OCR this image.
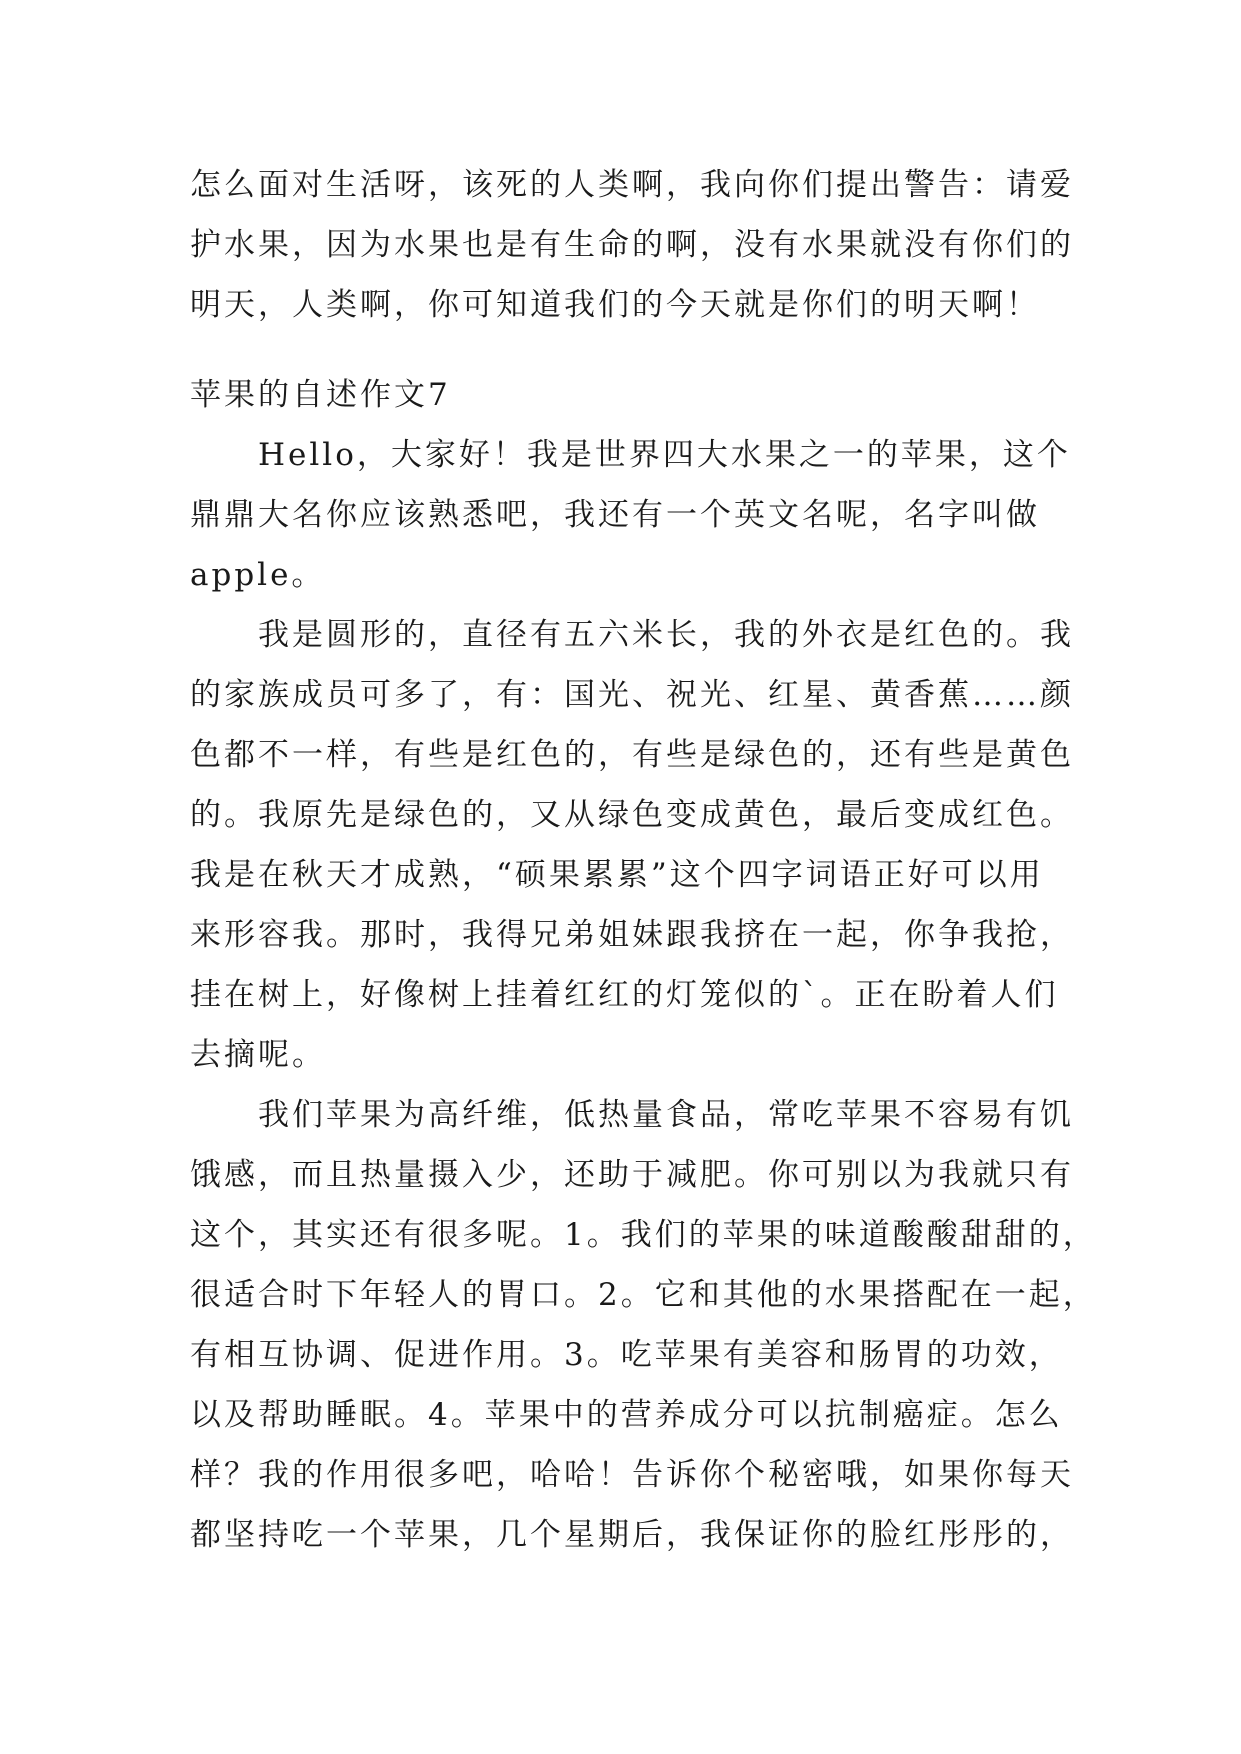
怎么面对生活呀，该死的人类啊，我向你们提出警告：请爱
护水果，因为水果也是有生命的啊，没有水果就没有你们的
明天，人类啊，你可知道我们的今天就是你们的明天啊！
苹果的自述作文7
　　Hello，大家好！我是世界四大水果之一的苹果，这个
鼎鼎大名你应该熟悉吧，我还有一个英文名呢，名字叫做
apple。
　　我是圆形的，直径有五六米长，我的外衣是红色的。我
的家族成员可多了，有：国光、祝光、红星、黄香蕉……颜
色都不一样，有些是红色的，有些是绿色的，还有些是黄色
的。我原先是绿色的，又从绿色变成黄色，最后变成红色。
我是在秋天才成熟，“硕果累累”这个四字词语正好可以用
来形容我。那时，我得兄弟姐妹跟我挤在一起，你争我抢，
挂在树上，好像树上挂着红红的灯笼似的`。正在盼着人们
去摘呢。
　　我们苹果为高纤维，低热量食品，常吃苹果不容易有饥
饿感，而且热量摄入少，还助于减肥。你可别以为我就只有
这个，其实还有很多呢。1。我们的苹果的味道酸酸甜甜的，
很适合时下年轻人的胃口。2。它和其他的水果搭配在一起，
有相互协调、促进作用。3。吃苹果有美容和肠胃的功效，
以及帮助睡眠。4。苹果中的营养成分可以抗制癌症。怎么
样？我的作用很多吧，哈哈！告诉你个秘密哦，如果你每天
都坚持吃一个苹果，几个星期后，我保证你的脸红彤彤的，
